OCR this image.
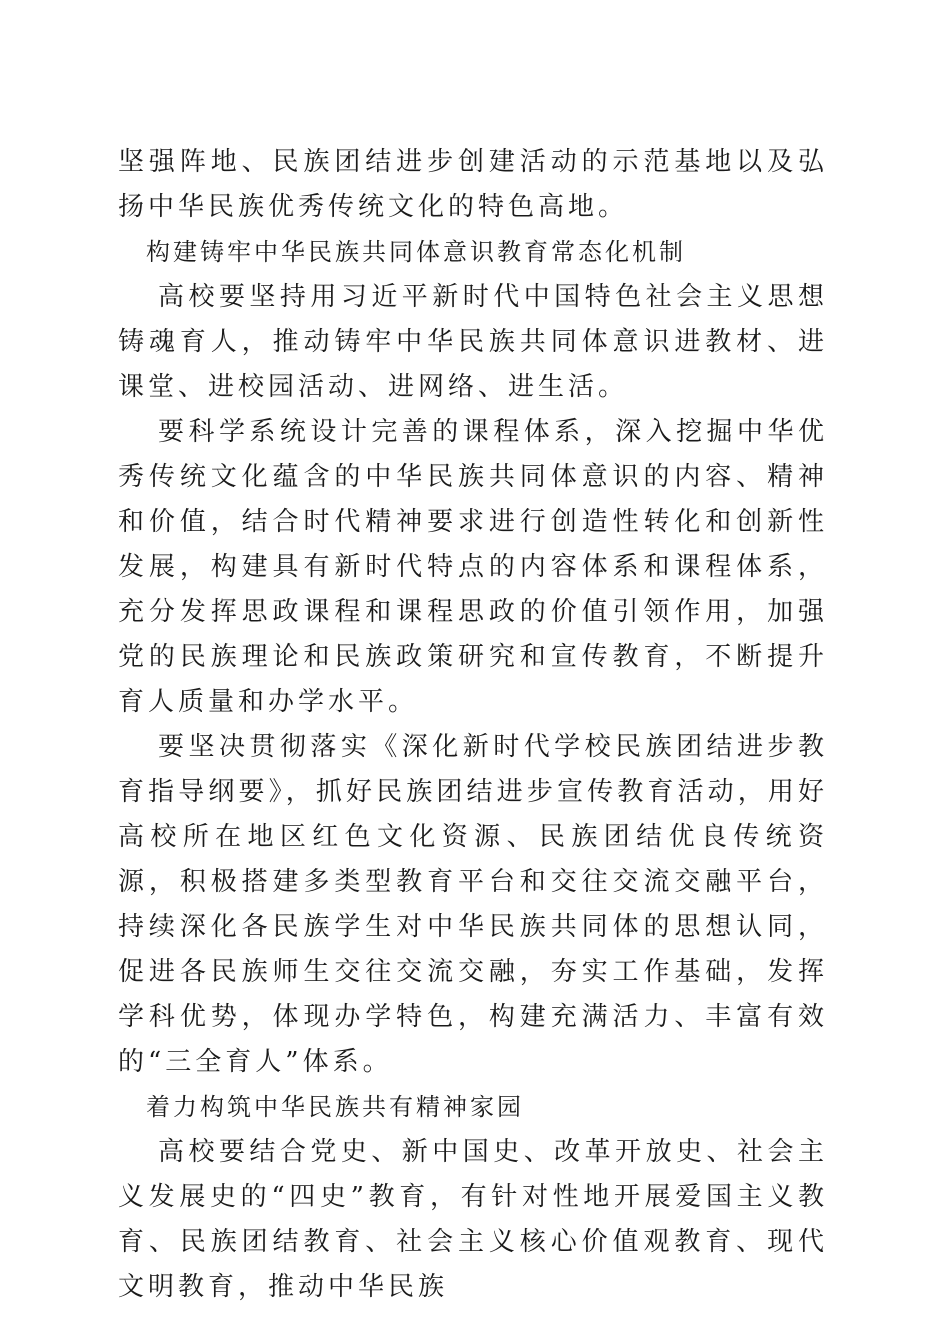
坚强阵地、民族团结进步创建活动的示范基地以及弘扬中华民族优秀传统文化的特色高地。

构建铸牢中华民族共同体意识教育常态化机制

高校要坚持用习近平新时代中国特色社会主义思想铸魂育人，推动铸牢中华民族共同体意识进教材、进课堂、进校园活动、进网络、进生活。

要科学系统设计完善的课程体系，深入挖掘中华优秀传统文化蕴含的中华民族共同体意识的内容、精神和价值，结合时代精神要求进行创造性转化和创新性发展，构建具有新时代特点的内容体系和课程体系，充分发挥思政课程和课程思政的价值引领作用，加强党的民族理论和民族政策研究和宣传教育，不断提升育人质量和办学水平。

要坚决贯彻落实《深化新时代学校民族团结进步教育指导纲要》，抓好民族团结进步宣传教育活动，用好高校所在地区红色文化资源、民族团结优良传统资源，积极搭建多类型教育平台和交往交流交融平台，持续深化各民族学生对中华民族共同体的思想认同，促进各民族师生交往交流交融，夯实工作基础，发挥学科优势，体现办学特色，构建充满活力、丰富有效的“三全育人”体系。

着力构筑中华民族共有精神家园

高校要结合党史、新中国史、改革开放史、社会主义发展史的“四史”教育，有针对性地开展爱国主义教育、民族团结教育、社会主义核心价值观教育、现代文明教育，推动中华民族
